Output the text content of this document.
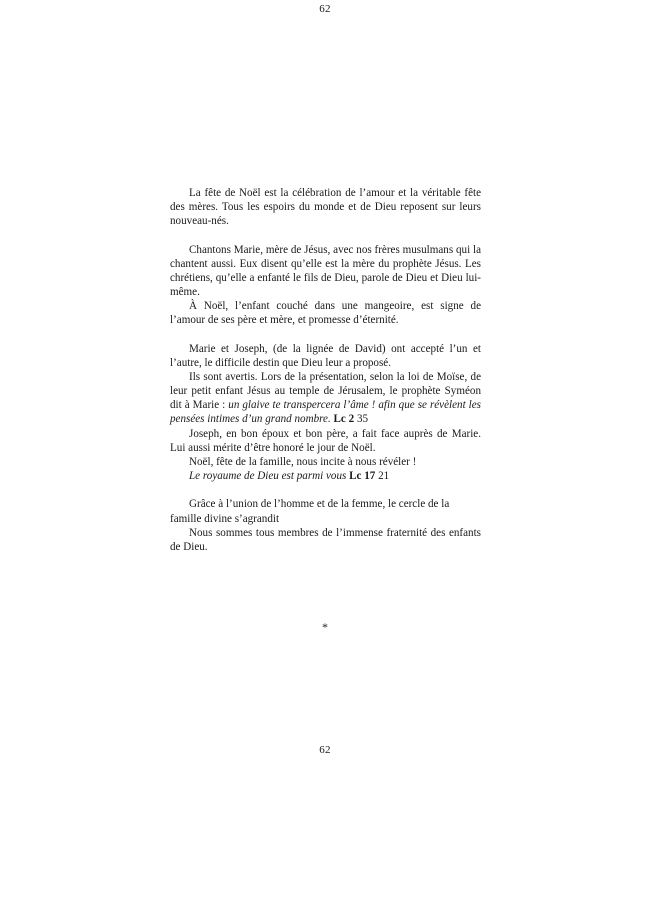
62

La fête de Noël est la célébration de l’amour et la véritable fête des mères. Tous les espoirs du monde et de Dieu reposent sur leurs nouveau-nés.

Chantons Marie, mère de Jésus, avec nos frères musulmans qui la chantent aussi. Eux disent qu’elle est la mère du prophète Jésus. Les chrétiens, qu’elle a enfanté le fils de Dieu, parole de Dieu et Dieu lui-même.

À Noël, l’enfant couché dans une mangeoire, est signe de l’amour de ses père et mère, et promesse d’éternité.

Marie et Joseph, (de la lignée de David) ont accepté l’un et l’autre, le difficile destin que Dieu leur a proposé.

Ils sont avertis. Lors de la présentation, selon la loi de Moïse, de leur petit enfant Jésus au temple de Jérusalem, le prophète Syméon dit à Marie : un glaive te transpercera l’âme ! afin que se révèlent les pensées intimes d’un grand nombre. Lc 2 35

Joseph, en bon époux et bon père, a fait face auprès de Marie. Lui aussi mérite d’être honoré le jour de Noël.

Noël, fête de la famille, nous incite à nous révéler !

Le royaume de Dieu est parmi vous Lc 17 21

Grâce à l’union de l’homme et de la femme, le cercle de la famille divine s’agrandit

Nous sommes tous membres de l’immense fraternité des enfants de Dieu.

*
62
